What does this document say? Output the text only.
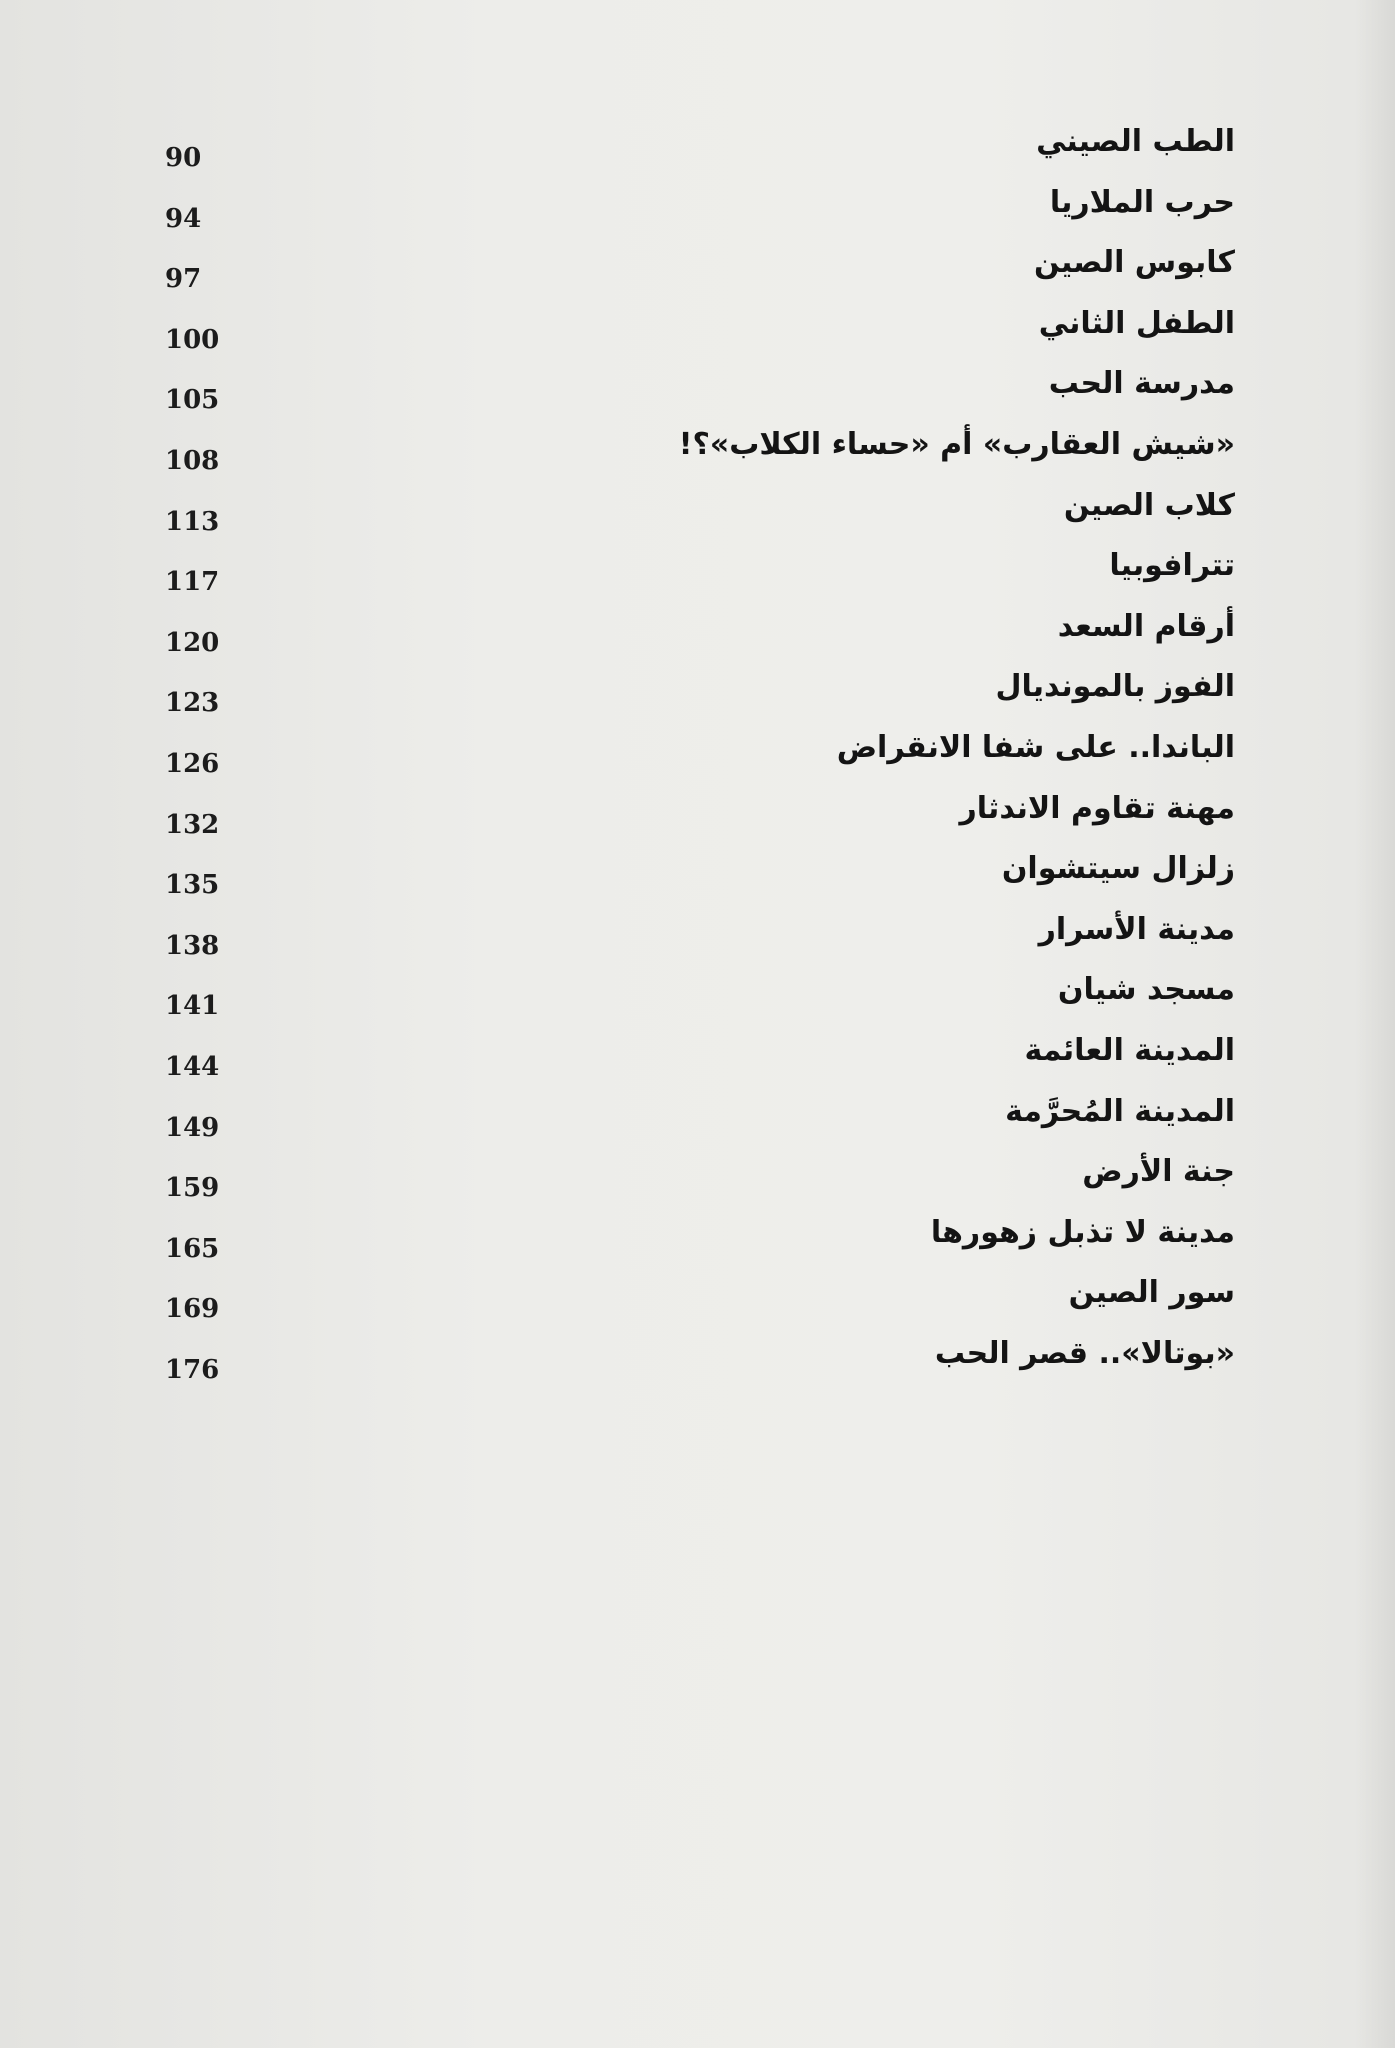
الطب الصيني
90
حرب الملاريا
94
كابوس الصين
97
الطفل الثاني
100
مدرسة الحب
105
«شيش العقارب» أم «حساء الكلاب»؟!
108
كلاب الصين
113
تترافوبيا
117
أرقام السعد
120
الفوز بالمونديال
123
الباندا.. على شفا الانقراض
126
مهنة تقاوم الاندثار
132
زلزال سيتشوان
135
مدينة الأسرار
138
مسجد شيان
141
المدينة العائمة
144
المدينة المُحرَّمة
149
جنة الأرض
159
مدينة لا تذبل زهورها
165
سور الصين
169
«بوتالا».. قصر الحب
176
